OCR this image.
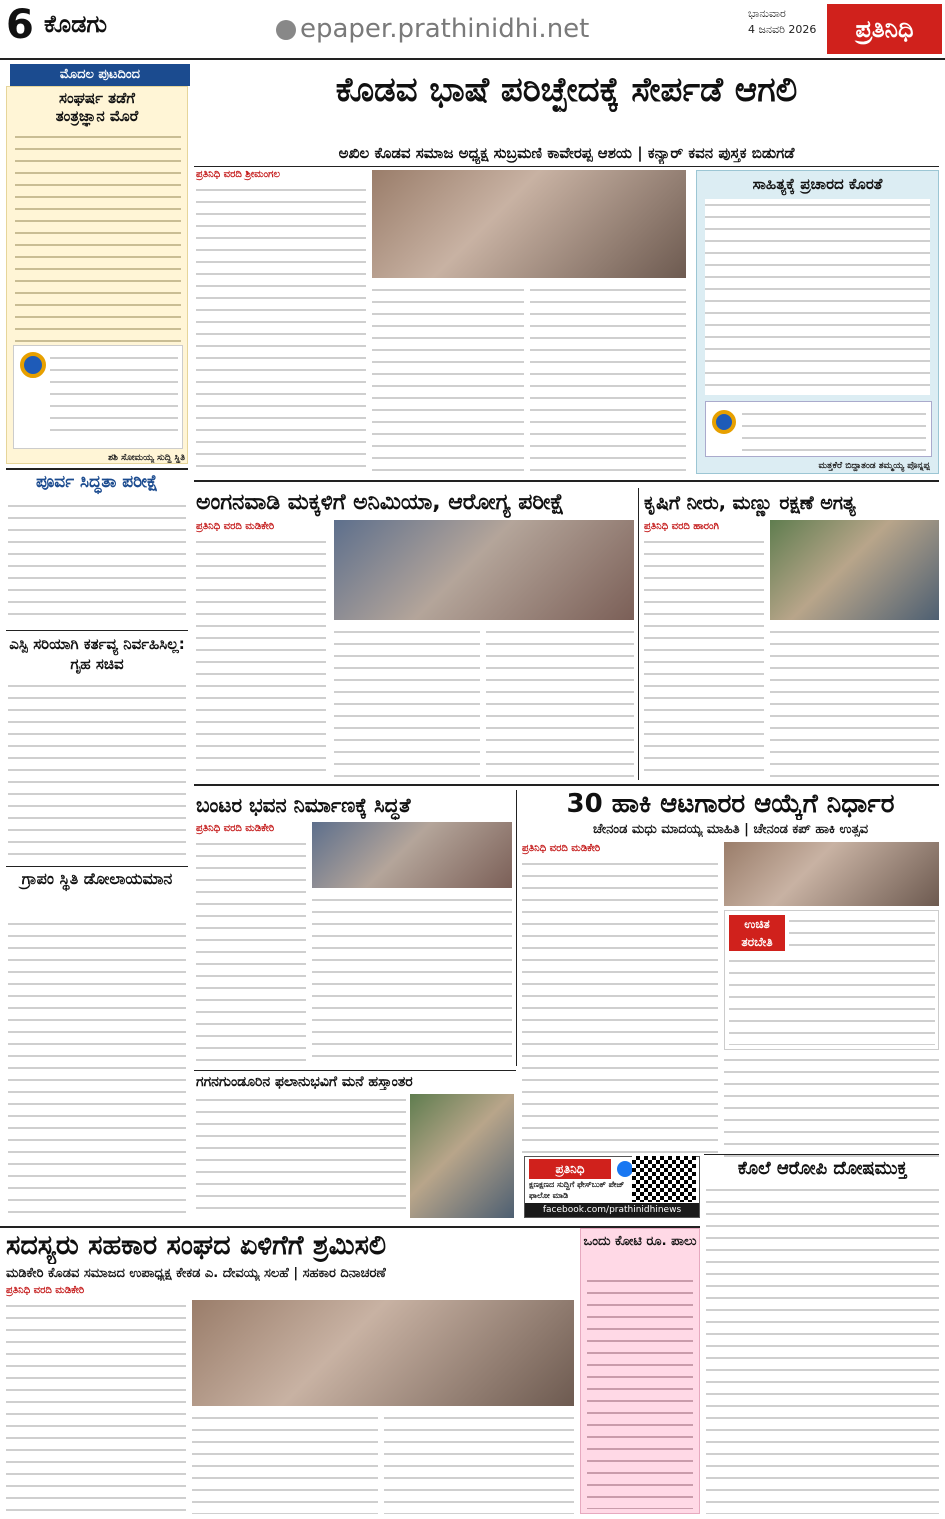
6 ಕೊಡಗು	epaper.prathinidhi.net
ಭಾನುವಾರ
4 ಜನವರಿ 2026	ಪ್ರತಿನಿಧಿ
ಮೊದಲ ಪುಟದಿಂದ
ಸಂಘರ್ಷ ತಡೆಗೆ
ತಂತ್ರಜ್ಞಾನ ಮೊರೆ
ಶಶಿ ಸೋಮಯ್ಯ ಸುದ್ದಿ ಸ್ಥಿತಿ
ಪೂರ್ವ ಸಿದ್ಧತಾ ಪರೀಕ್ಷೆ
ಎಸ್ಪಿ ಸರಿಯಾಗಿ ಕರ್ತವ್ಯ ನಿರ್ವಹಿಸಿಲ್ಲ: ಗೃಹ ಸಚಿವ
ಗ್ರಾಪಂ ಸ್ಥಿತಿ ಡೋಲಾಯಮಾನ
ಕೊಡವ ಭಾಷೆ ಪರಿಚ್ಛೇದಕ್ಕೆ ಸೇರ್ಪಡೆ ಆಗಲಿ
ಅಖಿಲ ಕೊಡವ ಸಮಾಜ ಅಧ್ಯಕ್ಷ ಸುಬ್ರಮಣಿ ಕಾವೇರಪ್ಪ ಆಶಯ | ಕನ್ಯಾರ್ ಕವನ ಪುಸ್ತಕ ಬಿಡುಗಡೆ
ಪ್ರತಿನಿಧಿ ವರದಿ ಶ್ರೀಮಂಗಲ
ಸಾಹಿತ್ಯಕ್ಕೆ ಪ್ರಚಾರದ ಕೊರತೆ
ಮತ್ತಕೆರೆ ಬಿದ್ದಾತಂಡ ತಮ್ಮಯ್ಯ ಪೊನ್ನಪ್ಪ
ಅಂಗನವಾಡಿ ಮಕ್ಕಳಿಗೆ ಅನಿಮಿಯಾ, ಆರೋಗ್ಯ ಪರೀಕ್ಷೆ
ಪ್ರತಿನಿಧಿ ವರದಿ ಮಡಿಕೇರಿ
ಕೃಷಿಗೆ ನೀರು, ಮಣ್ಣು ರಕ್ಷಣೆ ಅಗತ್ಯ
ಪ್ರತಿನಿಧಿ ವರದಿ ಹಾರಂಗಿ
ಬಂಟರ ಭವನ ನಿರ್ಮಾಣಕ್ಕೆ ಸಿದ್ಧತೆ
ಪ್ರತಿನಿಧಿ ವರದಿ ಮಡಿಕೇರಿ
30 ಹಾಕಿ ಆಟಗಾರರ ಆಯ್ಕೆಗೆ ನಿರ್ಧಾರ
ಚೇನಂಡ ಮಧು ಮಾದಯ್ಯ ಮಾಹಿತಿ | ಚೇನಂಡ ಕಪ್ ಹಾಕಿ ಉತ್ಸವ
ಪ್ರತಿನಿಧಿ ವರದಿ ಮಡಿಕೇರಿ
ಉಚಿತ ತರಬೇತಿ
ಗಗನಗುಂಡೂರಿನ ಫಲಾನುಭವಿಗೆ ಮನೆ ಹಸ್ತಾಂತರ
ಪ್ರತಿನಿಧಿ
ಕ್ಷಣಕ್ಷಣದ ಸುದ್ದಿಗೆ ಫೇಸ್‌ಬುಕ್ ಪೇಜ್ ಫಾಲೋ ಮಾಡಿ
facebook.com/prathinidhinews
ಕೊಲೆ ಆರೋಪಿ ದೋಷಮುಕ್ತ
ಸದಸ್ಯರು ಸಹಕಾರ ಸಂಘದ ಏಳಿಗೆಗೆ ಶ್ರಮಿಸಲಿ
ಮಡಿಕೇರಿ ಕೊಡವ ಸಮಾಜದ ಉಪಾಧ್ಯಕ್ಷ ಕೇಕಡ ಎ. ದೇವಯ್ಯ ಸಲಹೆ | ಸಹಕಾರ ದಿನಾಚರಣೆ
ಪ್ರತಿನಿಧಿ ವರದಿ ಮಡಿಕೇರಿ
ಒಂದು ಕೋಟಿ ರೂ. ಪಾಲು
